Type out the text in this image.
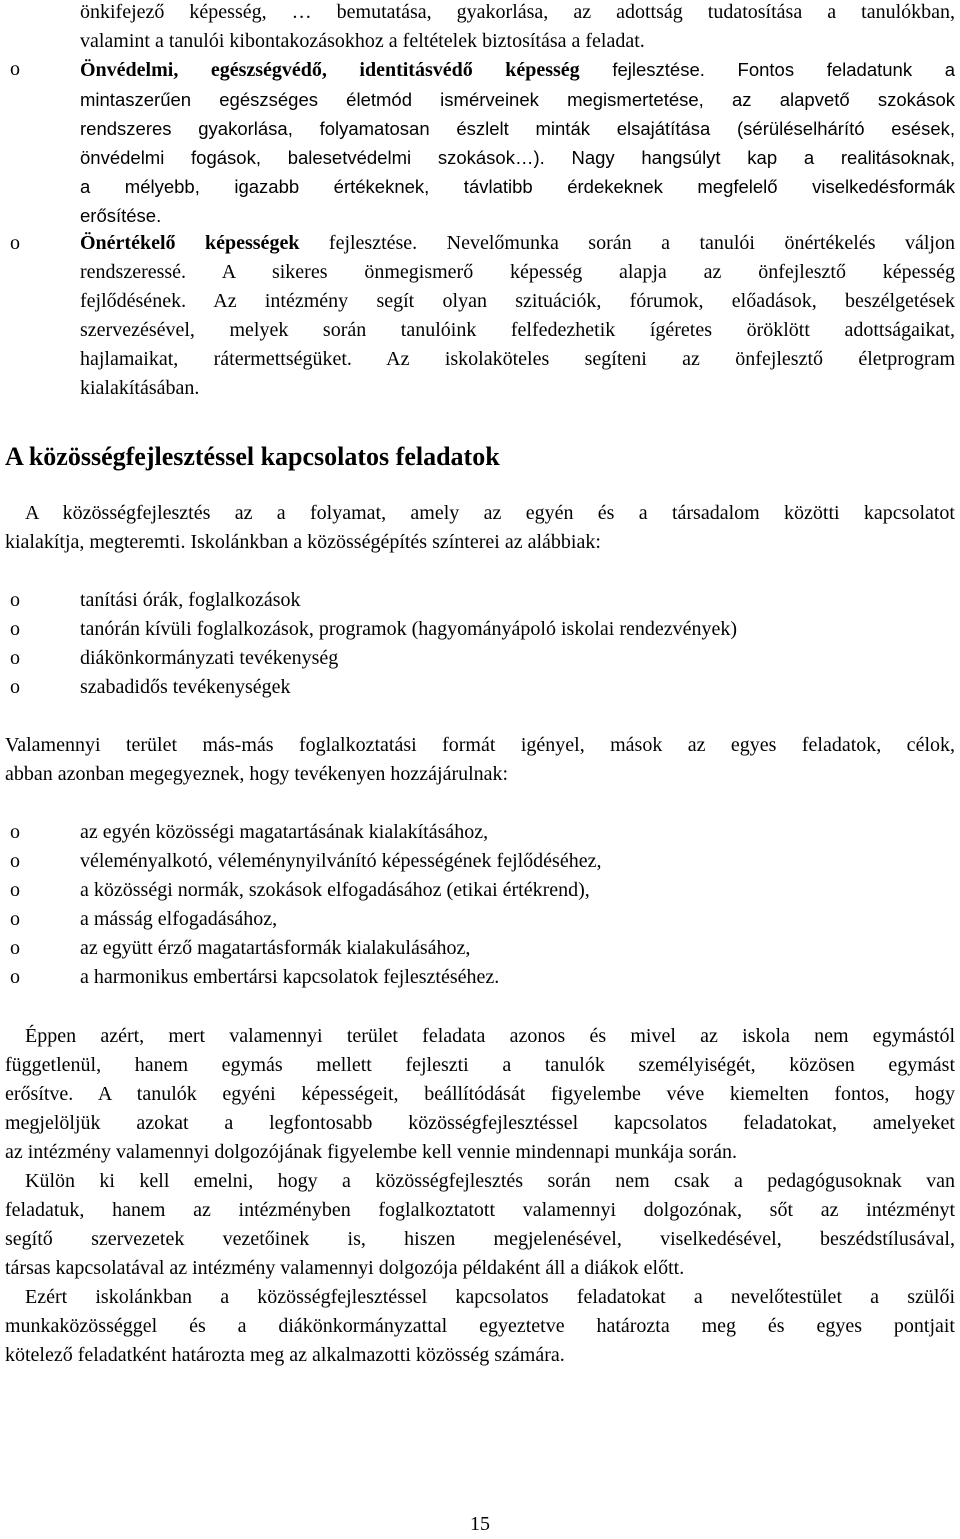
önkifejező képesség, … bemutatása, gyakorlása, az adottság tudatosítása a tanulókban,
valamint a tanulói kibontakozásokhoz a feltételek biztosítása a feladat.
o	Önvédelmi, egészségvédő, identitásvédő képesség fejlesztése. Fontos feladatunk a
mintaszerűen egészséges életmód ismérveinek megismertetése, az alapvető szokások
rendszeres gyakorlása, folyamatosan észlelt minták elsajátítása (sérüléselhárító esések,
önvédelmi fogások, balesetvédelmi szokások…). Nagy hangsúlyt kap a realitásoknak,
a mélyebb, igazabb értékeknek, távlatibb érdekeknek megfelelő viselkedésformák
erősítése.
o	Önértékelő képességek fejlesztése. Nevelőmunka során a tanulói önértékelés váljon
rendszeressé. A sikeres önmegismerő képesség alapja az önfejlesztő képesség
fejlődésének. Az intézmény segít olyan szituációk, fórumok, előadások, beszélgetések
szervezésével, melyek során tanulóink felfedezhetik ígéretes öröklött adottságaikat,
hajlamaikat, rátermettségüket. Az iskolaköteles segíteni az önfejlesztő életprogram
kialakításában.
A közösségfejlesztéssel kapcsolatos feladatok
A közösségfejlesztés az a folyamat, amely az egyén és a társadalom közötti kapcsolatot
kialakítja, megteremti. Iskolánkban a közösségépítés színterei az alábbiak:
o	tanítási órák, foglalkozások
o	tanórán kívüli foglalkozások, programok (hagyományápoló iskolai rendezvények)
o	diákönkormányzati tevékenység
o	szabadidős tevékenységek
Valamennyi terület más-más foglalkoztatási formát igényel, mások az egyes feladatok, célok,
abban azonban megegyeznek, hogy tevékenyen hozzájárulnak:
o	az egyén közösségi magatartásának kialakításához,
o	véleményalkotó, véleménynyilvánító képességének fejlődéséhez,
o	a közösségi normák, szokások elfogadásához (etikai értékrend),
o	a másság elfogadásához,
o	az együtt érző magatartásformák kialakulásához,
o	a harmonikus embertársi kapcsolatok fejlesztéséhez.
Éppen azért, mert valamennyi terület feladata azonos és mivel az iskola nem egymástól
függetlenül, hanem egymás mellett fejleszti a tanulók személyiségét, közösen egymást
erősítve. A tanulók egyéni képességeit, beállítódását figyelembe véve kiemelten fontos, hogy
megjelöljük azokat a legfontosabb közösségfejlesztéssel kapcsolatos feladatokat, amelyeket
az intézmény valamennyi dolgozójának figyelembe kell vennie mindennapi munkája során.
Külön ki kell emelni, hogy a közösségfejlesztés során nem csak a pedagógusoknak van
feladatuk, hanem az intézményben foglalkoztatott valamennyi dolgozónak, sőt az intézményt
segítő szervezetek vezetőinek is, hiszen megjelenésével, viselkedésével, beszédstílusával,
társas kapcsolatával az intézmény valamennyi dolgozója példaként áll a diákok előtt.
Ezért iskolánkban a közösségfejlesztéssel kapcsolatos feladatokat a nevelőtestület a szülői
munkaközösséggel és a diákönkormányzattal egyeztetve határozta meg és egyes pontjait
kötelező feladatként határozta meg az alkalmazotti közösség számára.
15
